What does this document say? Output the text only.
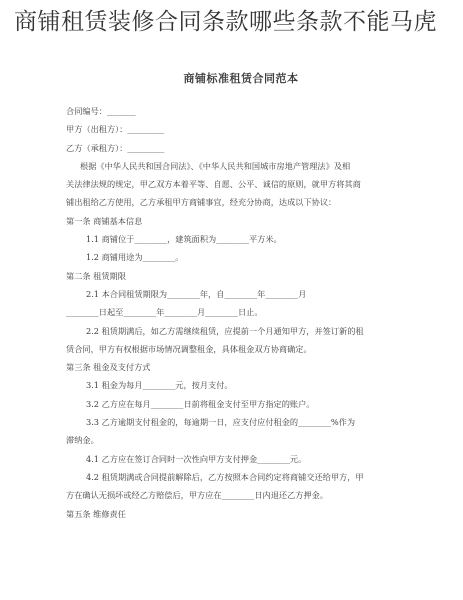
商铺租赁装修合同条款哪些条款不能马虎
商铺标准租赁合同范本
合同编号：_______
甲方（出租方）：_________
乙方（承租方）：_________
根据《中华人民共和国合同法》、《中华人民共和国城市房地产管理法》及相
关法律法规的规定，甲乙双方本着平等、自愿、公平、诚信的原则，就甲方将其商
铺出租给乙方使用，乙方承租甲方商铺事宜，经充分协商，达成以下协议：
第一条 商铺基本信息
1.1 商铺位于________，建筑面积为________平方米。
1.2 商铺用途为________。
第二条 租赁期限
2.1 本合同租赁期限为________年，自________年________月
________日起至________年________月________日止。
2.2 租赁期满后，如乙方需继续租赁，应提前一个月通知甲方，并签订新的租
赁合同，甲方有权根据市场情况调整租金，具体租金双方协商确定。
第三条 租金及支付方式
3.1 租金为每月________元，按月支付。
3.2 乙方应在每月________日前将租金支付至甲方指定的账户。
3.3 乙方逾期支付租金的，每逾期一日，应支付应付租金的________%作为
滞纳金。
4.1 乙方应在签订合同时一次性向甲方支付押金________元。
4.2 租赁期满或合同提前解除后，乙方按照本合同约定将商铺交还给甲方，甲
方在确认无损坏或经乙方赔偿后，甲方应在________日内退还乙方押金。
第五条 维修责任
